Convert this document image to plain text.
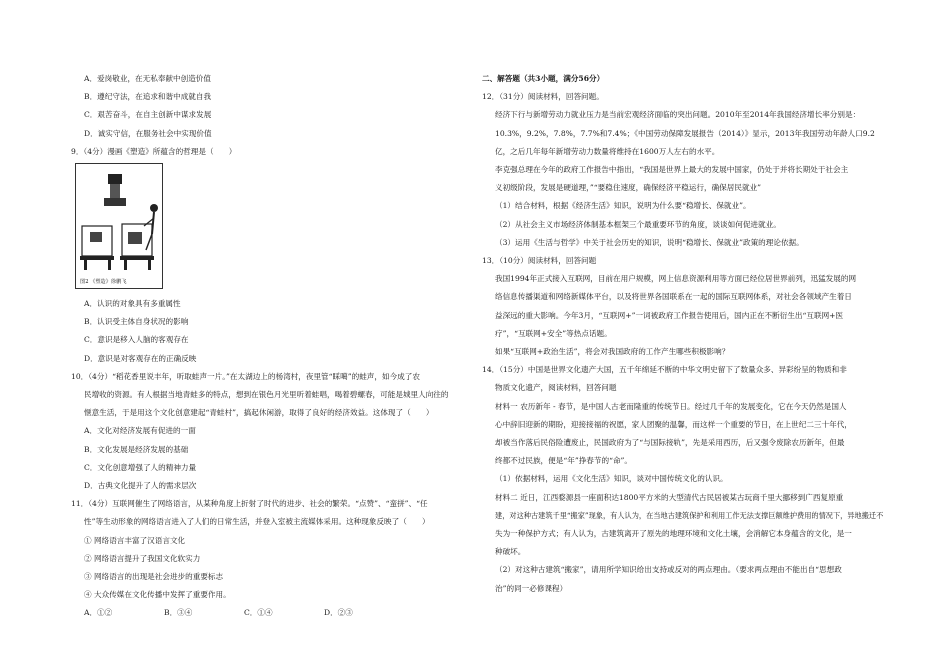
A．爱岗敬业，在无私奉献中创造价值
B．遵纪守法，在追求和谐中成就自我
C．艰苦奋斗，在自主创新中谋求发展
D．诚实守信，在服务社会中实现价值
9．（4分）漫画《塑造》所蕴含的哲理是（　　）
图2 《塑造》徐鹏飞
A．认识的对象具有多重属性
B．认识受主体自身状况的影响
C．意识是移入人脑的客观存在
D．意识是对客观存在的正确反映
10．（4分）“稻花香里说丰年，听取蛙声一片。”在太湖边上的杨湾村，夜里管“睬噶”的蛙声，如今成了农
民增收的资源。有人根据当地青蛙多的特点，想到在银色月光里听着蛙唱，喝着碧螺春，可能是城里人向往的
惬意生活，于是用这个文化创意建起“青蛙村”，搞起休闲游，取得了良好的经济效益。这体现了（　　）
A．文化对经济发展有促进的一面
B．文化发展是经济发展的基础
C．文化创意增强了人的精神力量
D．古典文化提升了人的需求层次
11．（4分）互联网催生了网络语言，从某种角度上折射了时代的进步、社会的繁荣。“点赞”、“蛮拼”、“任
性”等生动形象的网络语言进入了人们的日常生活，并登入室被主流媒体采用。这种现象反映了（　　）
① 网络语言丰富了汉语言文化
② 网络语言提升了我国文化软实力
③ 网络语言的出现是社会进步的重要标志
④ 大众传媒在文化传播中发挥了重要作用。
A．①②	B．③④	C．①④	D．②③
二、解答题（共3小题，满分56分）
12．（31分）阅读材料，回答问题。
经济下行与新增劳动力就业压力是当前宏观经济面临的突出问题。2010年至2014年我国经济增长率分别是：
10.3%，9.2%，7.8%，7.7%和7.4%；《中国劳动保障发展报告（2014）》显示，2013年我国劳动年龄人口9.2
亿，之后几年每年新增劳动力数量将维持在1600万人左右的水平。
李克强总理在今年的政府工作报告中指出，“我国是世界上最大的发展中国家，仍处于并将长期处于社会主
义初级阶段，发展是硬道理，”“要稳住速度，确保经济平稳运行，确保居民就业”
（1）结合材料，根据《经济生活》知识，说明为什么要“稳增长、保就业”。
（2）从社会主义市场经济体制基本框架三个最重要环节的角度，谈谈如何促进就业。
（3）运用《生活与哲学》中关于社会历史的知识，说明“稳增长、保就业”政策的理论依据。
13．（10分）阅读材料，回答问题
我国1994年正式接入互联网，目前在用户规模，网上信息资源利用等方面已经位居世界前列，迅猛发展的网
络信息传播渠道和网络新媒体平台，以及将世界各国联系在一起的国际互联网体系，对社会各领域产生着日
益深远的重大影响。今年3月，“互联网+”一词被政府工作报告使用后，国内正在不断衍生出“互联网+医
疗”，“互联网+安全”等热点话题。
如果“互联网+政治生活”，将会对我国政府的工作产生哪些积极影响？
14．（15分）中国是世界文化遗产大国，五千年绵延不断的中华文明史留下了数量众多、异彩纷呈的物质和非
物质文化遗产，阅读材料，回答问题
材料一 农历新年 - 春节，是中国人古老而隆重的传统节日。经过几千年的发展变化，它在今天仍然是国人
心中辞旧迎新的期盼，迎接接福的祝愿，家人团聚的温馨，而这样一个重要的节日，在上世纪二三十年代，
却被当作落后民俗险遭废止，民国政府为了“与国际接轨”，先是采用西历，后又强令废除农历新年，但最
终都不过民族，便是“年”挣春节的“命”。
（1）依据材料，运用《文化生活》知识，谈对中国传统文化的认识。
材料二 近日，江西婺源县一座面积达1800平方米的大型清代古民居被某古玩商千里大挪移到广西复原重
建，对这种古建筑千里“搬家”现象，有人认为，在当地古建筑保护和利用工作无法支撑巨额维护费用的情况下，异地搬迁不
失为一种保护方式；有人认为，古建筑离开了原先的地理环境和文化土壤，会消解它本身蕴含的文化，是一
种破坏。
（2）对这种古建筑“搬家”，请用所学知识给出支持或反对的两点理由。（要求两点理由不能出自“思想政
治”的同一必修课程）
